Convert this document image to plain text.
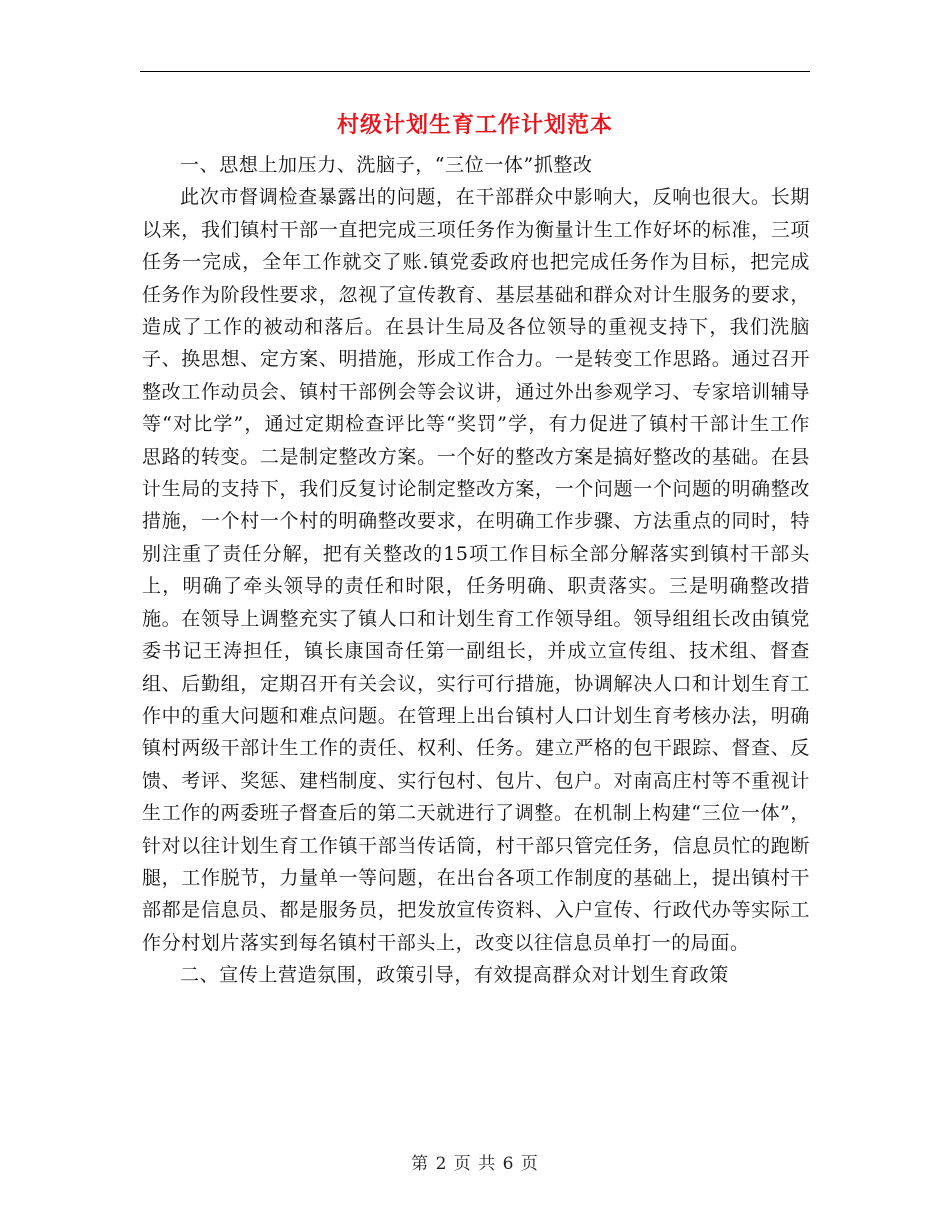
村级计划生育工作计划范本

一、思想上加压力、洗脑子，“三位一体”抓整改

此次市督调检查暴露出的问题，在干部群众中影响大，反响也很大。长期以来，我们镇村干部一直把完成三项任务作为衡量计生工作好坏的标准，三项任务一完成，全年工作就交了账.镇党委政府也把完成任务作为目标，把完成任务作为阶段性要求，忽视了宣传教育、基层基础和群众对计生服务的要求，造成了工作的被动和落后。在县计生局及各位领导的重视支持下，我们洗脑子、换思想、定方案、明措施，形成工作合力。一是转变工作思路。通过召开整改工作动员会、镇村干部例会等会议讲，通过外出参观学习、专家培训辅导等“对比学”，通过定期检查评比等“奖罚”学，有力促进了镇村干部计生工作思路的转变。二是制定整改方案。一个好的整改方案是搞好整改的基础。在县计生局的支持下，我们反复讨论制定整改方案，一个问题一个问题的明确整改措施，一个村一个村的明确整改要求，在明确工作步骤、方法重点的同时，特别注重了责任分解，把有关整改的15项工作目标全部分解落实到镇村干部头上，明确了牵头领导的责任和时限，任务明确、职责落实。三是明确整改措施。在领导上调整充实了镇人口和计划生育工作领导组。领导组组长改由镇党委书记王涛担任，镇长康国奇任第一副组长，并成立宣传组、技术组、督查组、后勤组，定期召开有关会议，实行可行措施，协调解决人口和计划生育工作中的重大问题和难点问题。在管理上出台镇村人口计划生育考核办法，明确镇村两级干部计生工作的责任、权利、任务。建立严格的包干跟踪、督查、反馈、考评、奖惩、建档制度、实行包村、包片、包户。对南高庄村等不重视计生工作的两委班子督查后的第二天就进行了调整。在机制上构建“三位一体”，针对以往计划生育工作镇干部当传话筒，村干部只管完任务，信息员忙的跑断腿，工作脱节，力量单一等问题，在出台各项工作制度的基础上，提出镇村干部都是信息员、都是服务员，把发放宣传资料、入户宣传、行政代办等实际工作分村划片落实到每名镇村干部头上，改变以往信息员单打一的局面。

二、宣传上营造氛围，政策引导，有效提高群众对计划生育政策

第 2 页 共 6 页
